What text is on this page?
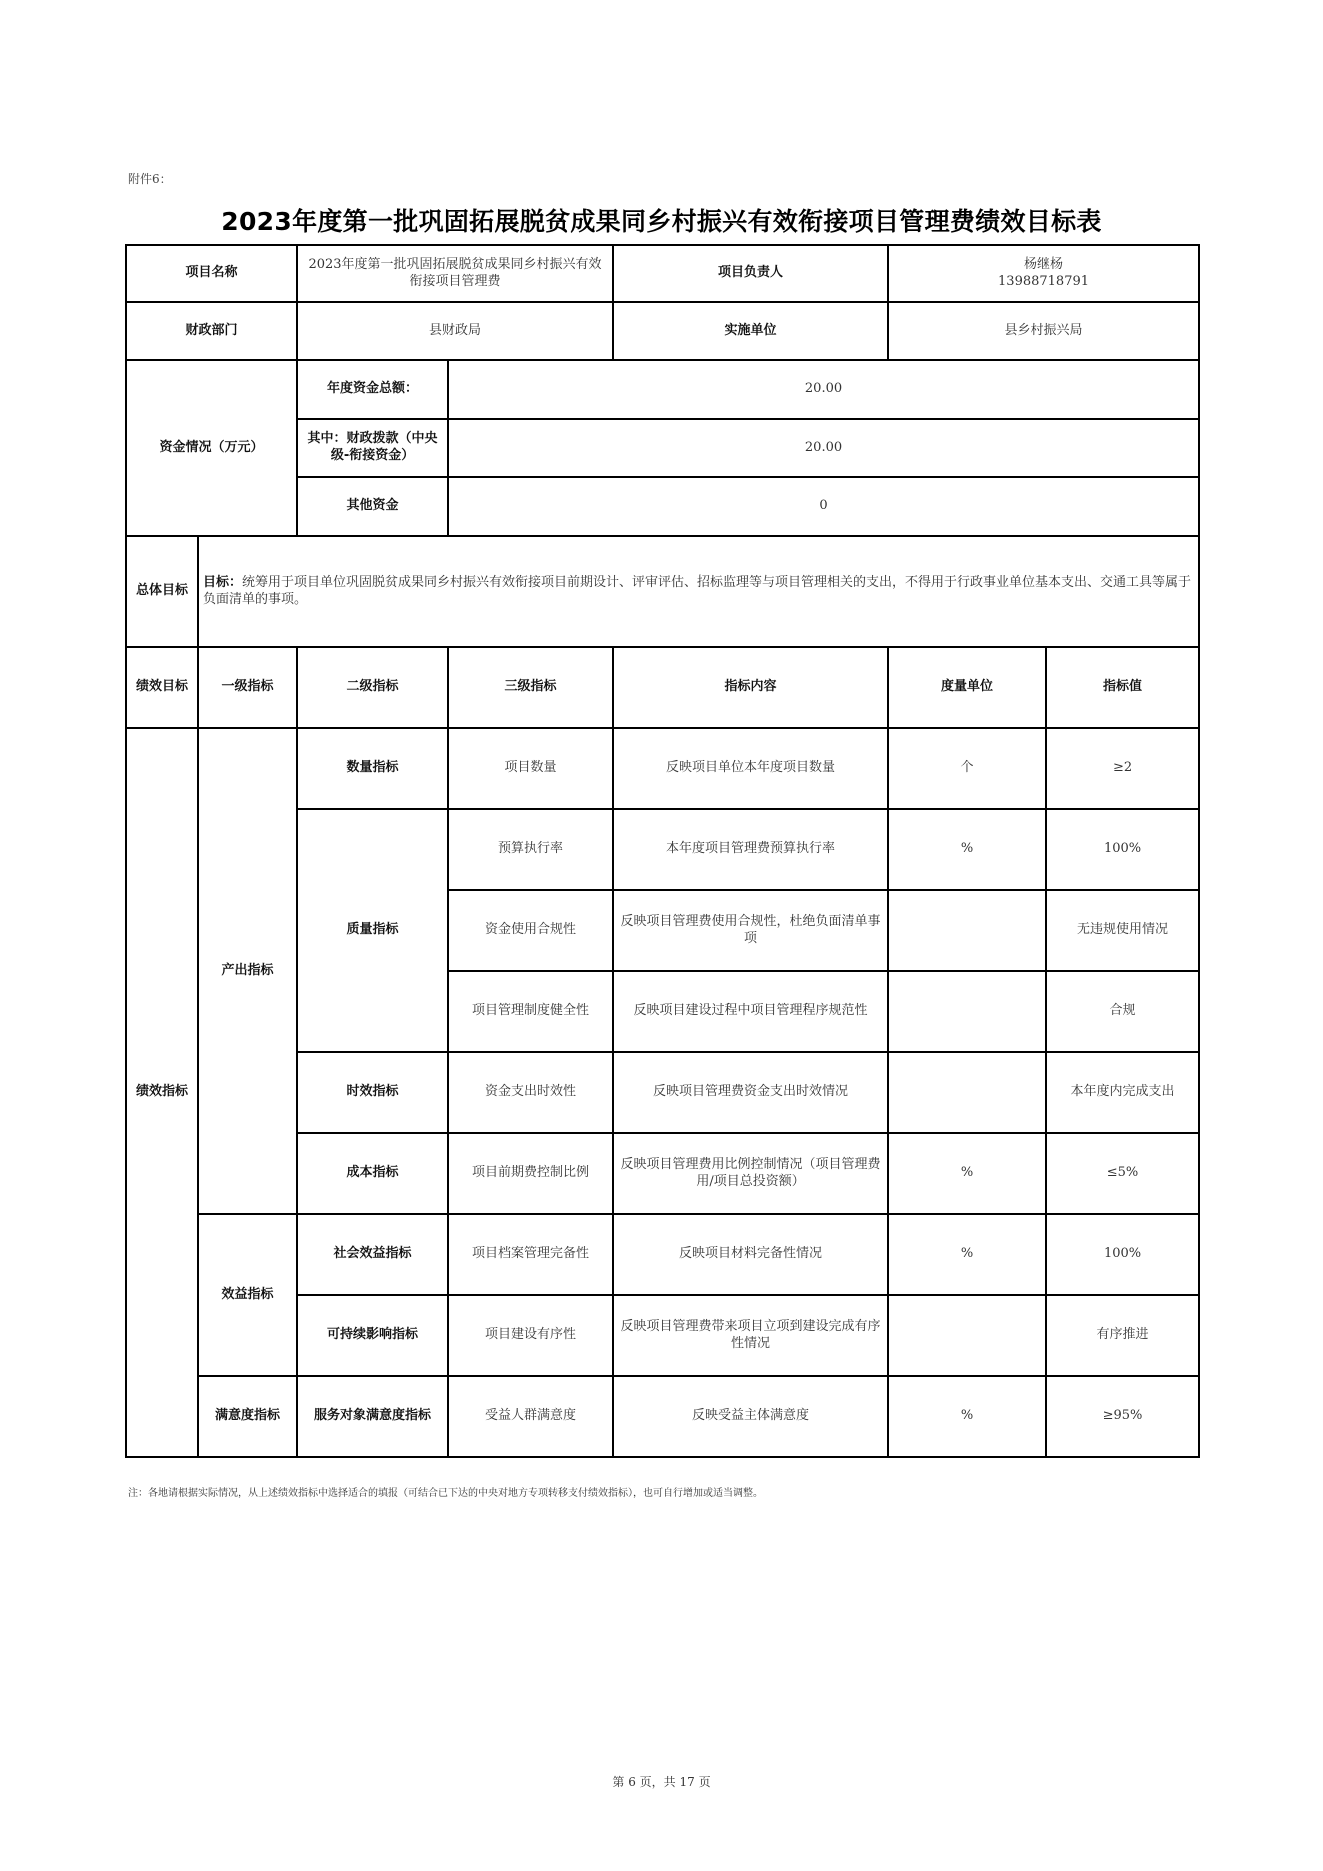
附件6：
2023年度第一批巩固拓展脱贫成果同乡村振兴有效衔接项目管理费绩效目标表
项目名称		2023年度第一批巩固拓展脱贫成果同乡村振兴有效衔接项目管理费		项目负责人	杨继杨
13988718791	

财政部门		县财政局		实施单位	县乡村振兴局	
资金情况（万元）		年度资金总额：	20.00			
		其中：财政拨款（中央级-衔接资金）	20.00			
		其他资金	0			
总体目标	目标：统筹用于项目单位巩固脱贫成果同乡村振兴有效衔接项目前期设计、评审评估、招标监理等与项目管理相关的支出，不得用于行政事业单位基本支出、交通工具等属于负面清单的事项。					
绩效目标	一级指标	二级指标	三级指标	指标内容	度量单位	指标值
绩效指标	产出指标	数量指标	项目数量	反映项目单位本年度项目数量	个	≥2
		质量指标	预算执行率	本年度项目管理费预算执行率	%	100%
			资金使用合规性	反映项目管理费使用合规性，杜绝负面清单事项		无违规使用情况
			项目管理制度健全性	反映项目建设过程中项目管理程序规范性		合规
		时效指标	资金支出时效性	反映项目管理费资金支出时效情况		本年度内完成支出
		成本指标	项目前期费控制比例	反映项目管理费用比例控制情况（项目管理费用/项目总投资额）	%	≤5%
	效益指标	社会效益指标	项目档案管理完备性	反映项目材料完备性情况	%	100%
		可持续影响指标	项目建设有序性	反映项目管理费带来项目立项到建设完成有序性情况		有序推进
	满意度指标	服务对象满意度指标	受益人群满意度	反映受益主体满意度	%	≥95%
注：各地请根据实际情况，从上述绩效指标中选择适合的填报（可结合已下达的中央对地方专项转移支付绩效指标），也可自行增加或适当调整。
第 6 页，共 17 页
